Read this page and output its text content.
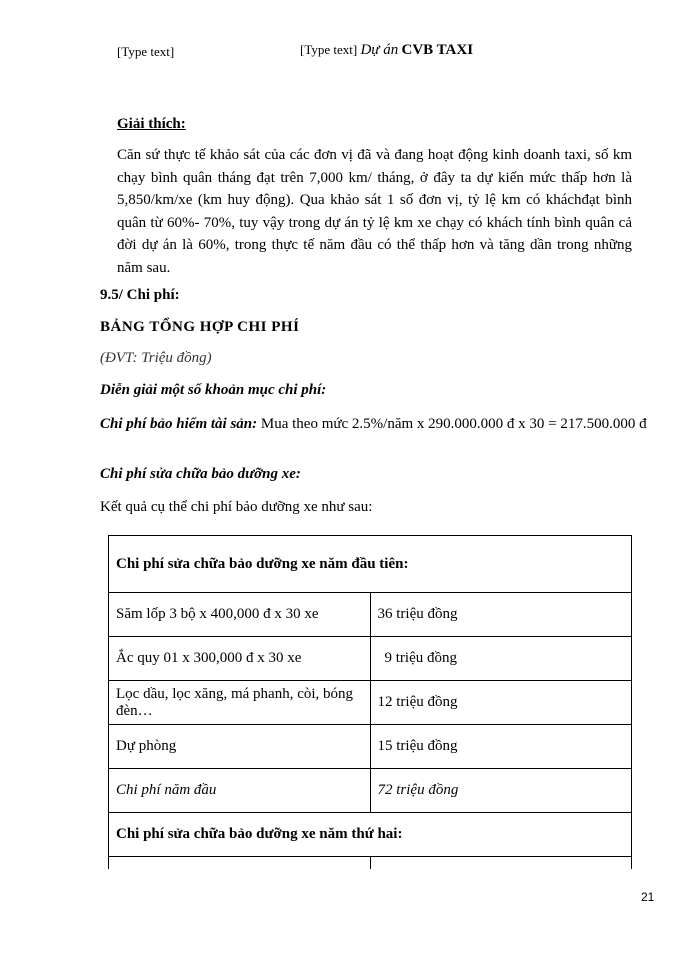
[Type text]	[Type text] Dự án CVB TAXI
Giải thích:
Căn sứ thực tế khảo sát của các đơn vị đã và đang hoạt động kinh doanh taxi, số km chạy bình quân tháng đạt trên 7,000 km/ tháng, ở đây ta dự kiến mức thấp hơn là 5,850/km/xe (km huy động). Qua khảo sát 1 số đơn vị, tỷ lệ km có kháchđạt bình quân từ 60%- 70%, tuy vậy trong dự án tỷ lệ km xe chạy có khách tính bình quân cả đời dự án là 60%, trong thực tế năm đầu có thể thấp hơn và tăng dần trong những năm sau.
9.5/ Chi phí:
BẢNG TỔNG HỢP CHI PHÍ
(ĐVT: Triệu đồng)
Diễn giải một số khoản mục chi phí:
Chi phí bảo hiểm tài sản: Mua theo mức 2.5%/năm x 290.000.000 đ x 30 = 217.500.000 đ
Chi phí sửa chữa bảo dưỡng xe:
Kết quả cụ thể chi phí bảo dưỡng xe như sau:
Chi phí sửa chữa bảo dưỡng xe năm đầu tiên:	
Săm lốp 3 bộ x 400,000 đ x 30 xe	36 triệu đồng
Ắc quy 01 x 300,000 đ x 30 xe	9 triệu đồng
Lọc dầu, lọc xăng, má phanh, còi, bóng đèn…	12 triệu đồng
Dự phòng	15 triệu đồng
Chi phí năm đầu	72 triệu đồng
Chi phí sửa chữa bảo dưỡng xe năm thứ hai:	

21
